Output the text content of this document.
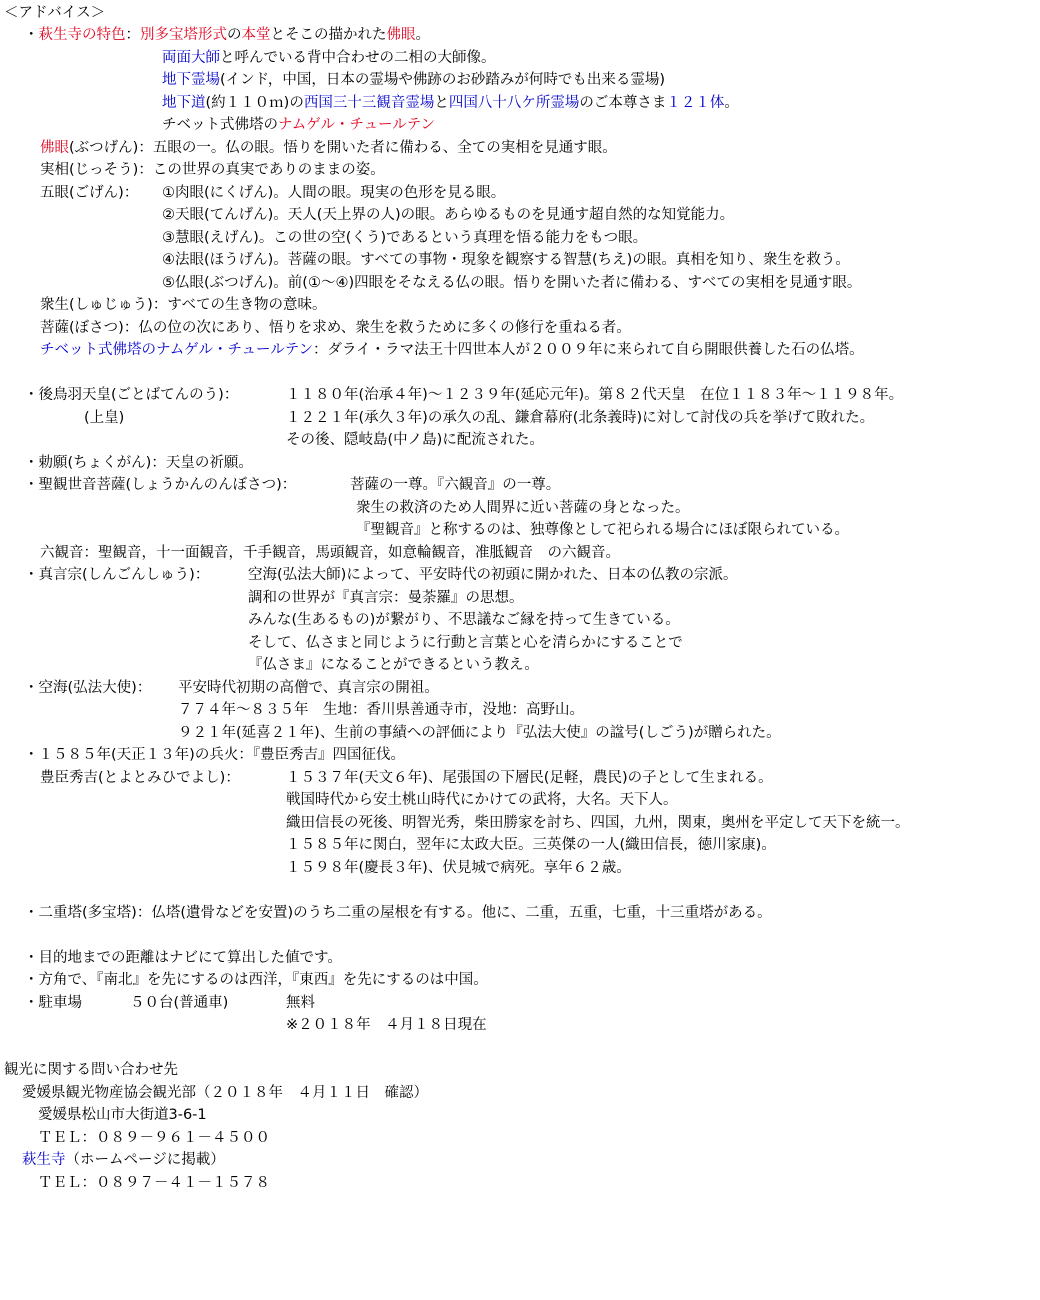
＜アドバイス＞
・萩生寺の特色：別多宝塔形式の本堂とそこの描かれた佛眼。
両面大師と呼んでいる背中合わせの二相の大師像。
地下霊場(インド，中国，日本の霊場や佛跡のお砂踏みが何時でも出来る霊場)
地下道(約１１０ｍ)の西国三十三観音霊場と四国八十八ケ所霊場のご本尊さま１２１体。
チベット式佛塔のナムゲル・チュールテン
佛眼(ぶつげん)：五眼の一。仏の眼。悟りを開いた者に備わる、全ての実相を見通す眼。
実相(じっそう)：この世界の真実でありのままの姿。
五眼(ごげん)： ①肉眼(にくげん)。人間の眼。現実の色形を見る眼。
②天眼(てんげん)。天人(天上界の人)の眼。あらゆるものを見通す超自然的な知覚能力。
③慧眼(えげん)。この世の空(くう)であるという真理を悟る能力をもつ眼。
④法眼(ほうげん)。菩薩の眼。すべての事物・現象を観察する智慧(ちえ)の眼。真相を知り、衆生を救う。
⑤仏眼(ぶつげん)。前(①～④)四眼をそなえる仏の眼。悟りを開いた者に備わる、すべての実相を見通す眼。
衆生(しゅじゅう)：すべての生き物の意味。
菩薩(ぼさつ)：仏の位の次にあり、悟りを求め、衆生を救うために多くの修行を重ねる者。
チベット式佛塔のナムゲル・チュールテン：ダライ・ラマ法王十四世本人が２００９年に来られて自ら開眼供養した石の仏塔。
・後鳥羽天皇(ごとばてんのう)：	１１８０年(治承４年)～１２３９年(延応元年)。第８２代天皇　在位１１８３年～１１９８年。
(上皇)	１２２１年(承久３年)の承久の乱、鎌倉幕府(北条義時)に対して討伐の兵を挙げて敗れた。
その後、隠岐島(中ノ島)に配流された。
・勅願(ちょくがん)：天皇の祈願。
・聖観世音菩薩(しょうかんのんぼさつ)：	菩薩の一尊。『六観音』の一尊。
衆生の救済のため人間界に近い菩薩の身となった。
『聖観音』と称するのは、独尊像として祀られる場合にほぼ限られている。
六観音：聖観音，十一面観音，千手観音，馬頭観音，如意輪観音，准胝観音　の六観音。
・真言宗(しんごんしゅう)：	空海(弘法大師)によって、平安時代の初頭に開かれた、日本の仏教の宗派。
調和の世界が『真言宗：曼荼羅』の思想。
みんな(生あるもの)が繋がり、不思議なご縁を持って生きている。
そして、仏さまと同じように行動と言葉と心を清らかにすることで
『仏さま』になることができるという教え。
・空海(弘法大使)： 平安時代初期の高僧で、真言宗の開祖。
７７４年～８３５年　生地：香川県善通寺市，没地：高野山。
９２１年(延喜２１年)、生前の事績への評価により『弘法大使』の諡号(しごう)が贈られた。
・１５８５年(天正１３年)の兵火：『豊臣秀吉』四国征伐。
豊臣秀吉(とよとみひでよし)：	１５３７年(天文６年)、尾張国の下層民(足軽，農民)の子として生まれる。
戦国時代から安土桃山時代にかけての武将，大名。天下人。
織田信長の死後、明智光秀，柴田勝家を討ち、四国，九州，関東，奥州を平定して天下を統一。
１５８５年に関白，翌年に太政大臣。三英傑の一人(織田信長，徳川家康)。
１５９８年(慶長３年)、伏見城で病死。享年６２歳。
・二重塔(多宝塔)：仏塔(遺骨などを安置)のうち二重の屋根を有する。他に、二重，五重，七重，十三重塔がある。
・目的地までの距離はナビにて算出した値です。
・方角で、『南北』を先にするのは西洋，『東西』を先にするのは中国。
・駐車場	５０台(普通車)	無料
※２０１８年　４月１８日現在
観光に関する問い合わせ先
愛媛県観光物産協会観光部（２０１８年　４月１１日　確認）
愛媛県松山市大街道3-6-1
ＴＥＬ：０８９－９６１－４５００
萩生寺（ホームページに掲載）
ＴＥＬ：０８９７－４１－１５７８
